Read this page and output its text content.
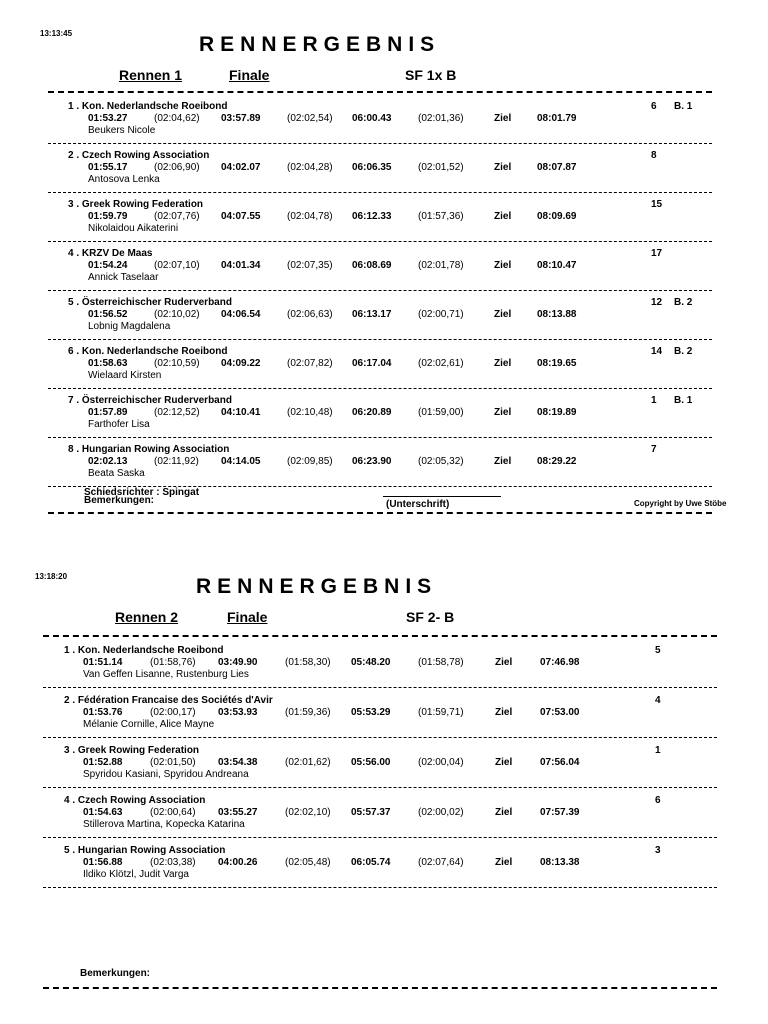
13:13:45	RENNERGEBNIS
Rennen 1	Finale	SF 1x B
1 . Kon. Nederlandsche Roeibond
01:53.27	(02:04,62) 03:57.89	(02:02,54) 06:00.43	(02:01,36)	Ziel	08:01.79
Beukers Nicole
6 B. 1
2 . Czech Rowing Association
01:55.17	(02:06,90) 04:02.07	(02:04,28) 06:06.35	(02:01,52)	Ziel	08:07.87
Antosova Lenka
8
3 . Greek Rowing Federation
01:59.79	(02:07,76) 04:07.55	(02:04,78) 06:12.33	(01:57,36)	Ziel	08:09.69
Nikolaidou Aikaterini
15
4 . KRZV De Maas
01:54.24	(02:07,10) 04:01.34	(02:07,35) 06:08.69	(02:01,78)	Ziel	08:10.47
Annick Taselaar
17
5 . Österreichischer Ruderverband
01:56.52	(02:10,02) 04:06.54	(02:06,63) 06:13.17	(02:00,71)	Ziel	08:13.88
Lobnig Magdalena
12 B. 2
6 . Kon. Nederlandsche Roeibond
01:58.63	(02:10,59) 04:09.22	(02:07,82) 06:17.04	(02:02,61)	Ziel	08:19.65
Wielaard Kirsten
14 B. 2
7 . Österreichischer Ruderverband
01:57.89	(02:12,52) 04:10.41	(02:10,48) 06:20.89	(01:59,00)	Ziel	08:19.89
Farthofer Lisa
1 B. 1
8 . Hungarian Rowing Association
02:02.13	(02:11,92) 04:14.05	(02:09,85) 06:23.90	(02:05,32)	Ziel	08:29.22
Beata Saska
7
Schiedsrichter : Spingat
Bemerkungen:	(Unterschrift)	Copyright by Uwe Stöbe
13:18:20	RENNERGEBNIS
Rennen 2	Finale	SF 2- B
1 . Kon. Nederlandsche Roeibond
01:51.14	(01:58,76) 03:49.90	(01:58,30) 05:48.20	(01:58,78)	Ziel	07:46.98
Van Geffen Lisanne, Rustenburg Lies
5
2 . Fédération Francaise des Sociétés d'Avir
01:53.76	(02:00,17) 03:53.93	(01:59,36) 05:53.29	(01:59,71)	Ziel	07:53.00
Mélanie Cornille, Alice Mayne
4
3 . Greek Rowing Federation
01:52.88	(02:01,50) 03:54.38	(02:01,62) 05:56.00	(02:00,04)	Ziel	07:56.04
Spyridou Kasiani, Spyridou Andreana
1
4 . Czech Rowing Association
01:54.63	(02:00,64) 03:55.27	(02:02,10) 05:57.37	(02:00,02)	Ziel	07:57.39
Stillerova Martina, Kopecka Katarina
6
5 . Hungarian Rowing Association
01:56.88	(02:03,38) 04:00.26	(02:05,48) 06:05.74	(02:07,64)	Ziel	08:13.38
Ildiko Klötzl, Judit Varga
3
Bemerkungen:
